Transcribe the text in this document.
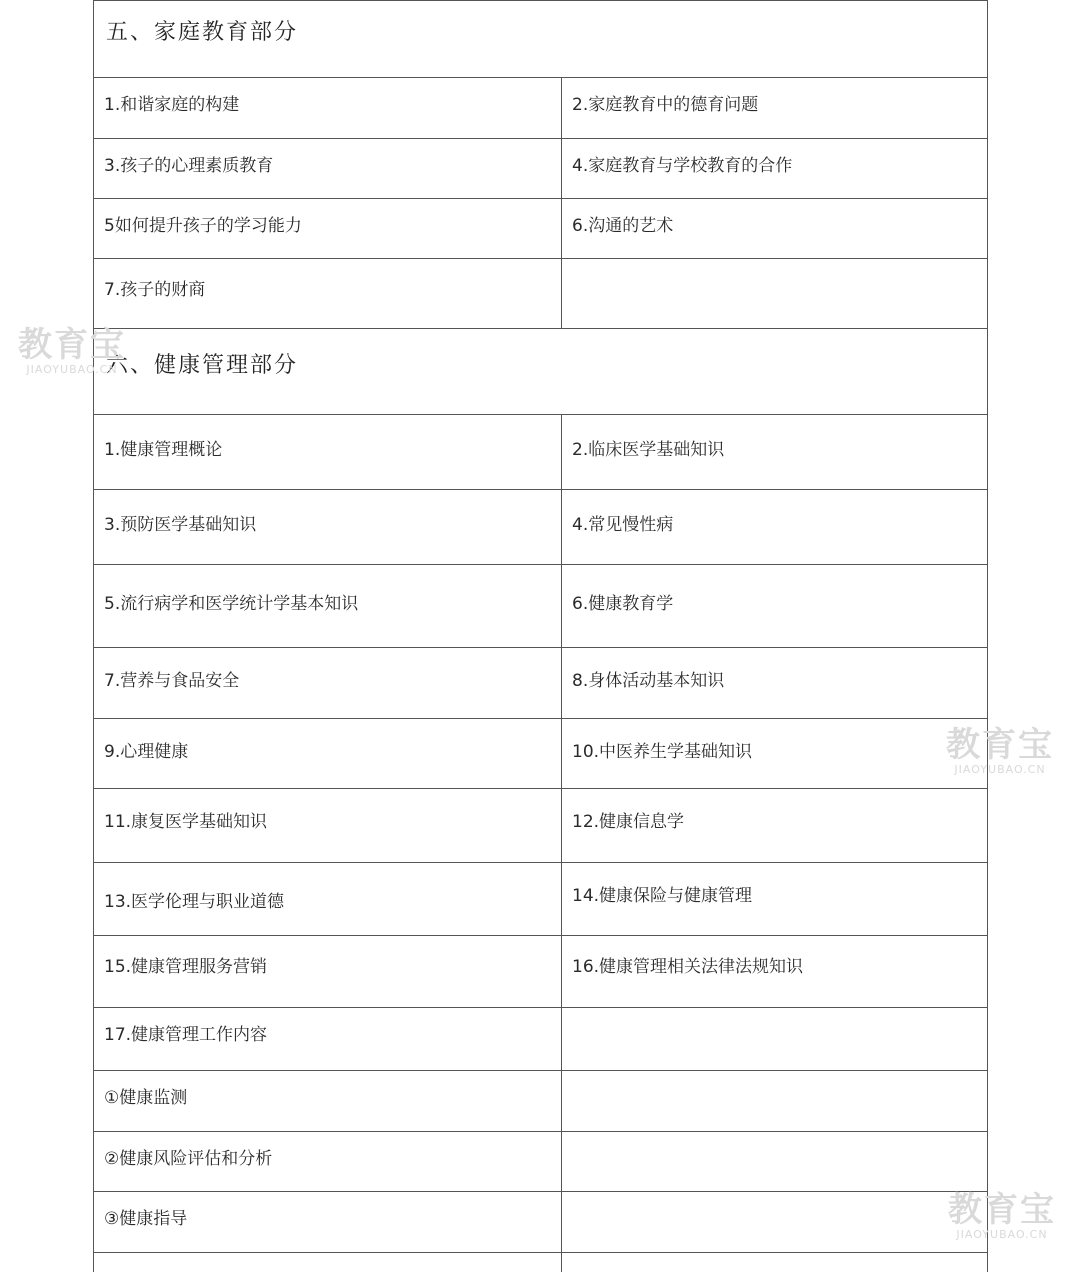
五、家庭教育部分
1.和谐家庭的构建	2.家庭教育中的德育问题
3.孩子的心理素质教育	4.家庭教育与学校教育的合作
5如何提升孩子的学习能力	6.沟通的艺术
7.孩子的财商
六、健康管理部分
1.健康管理概论	2.临床医学基础知识
3.预防医学基础知识	4.常见慢性病
5.流行病学和医学统计学基本知识	6.健康教育学
7.营养与食品安全	8.身体活动基本知识
9.心理健康	10.中医养生学基础知识
11.康复医学基础知识	12.健康信息学
13.医学伦理与职业道德	14.健康保险与健康管理
15.健康管理服务营销	16.健康管理相关法律法规知识
17.健康管理工作内容
①健康监测
②健康风险评估和分析
③健康指导
教育宝
JIAOYUBAO.CN
教育宝
JIAOYUBAO.CN
教育宝
JIAOYUBAO.CN
